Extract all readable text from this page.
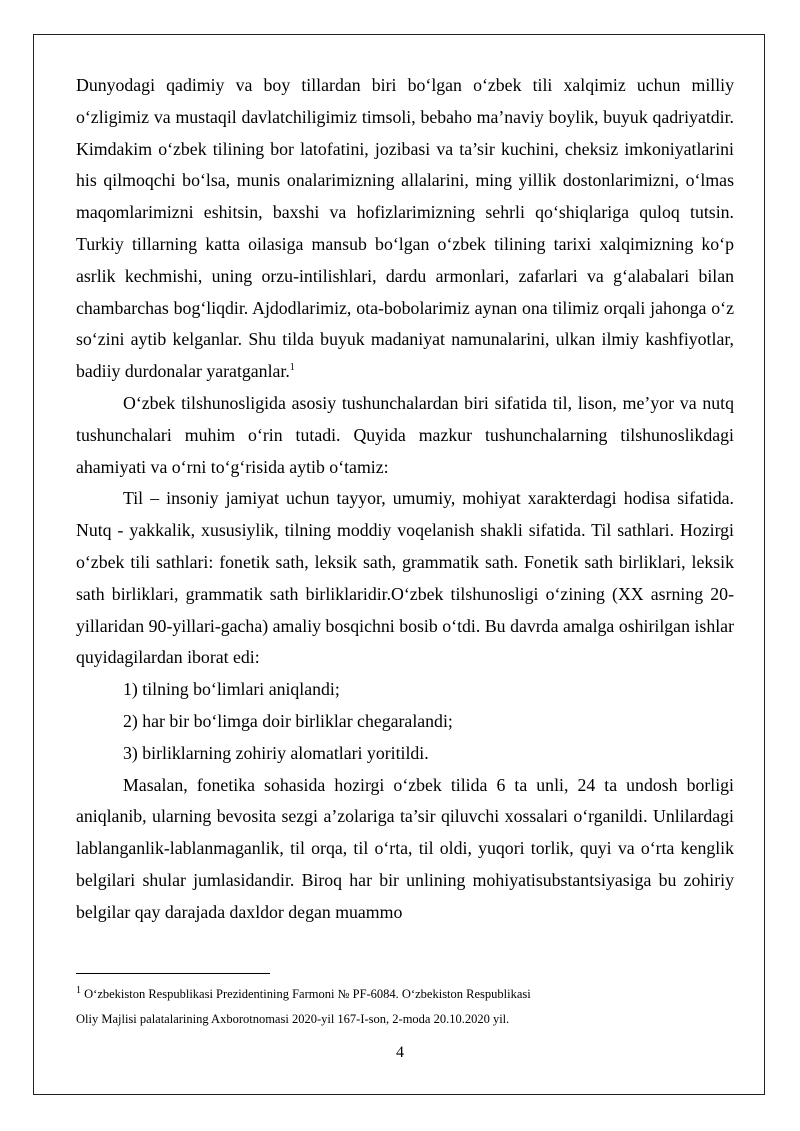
Dunyodagi qadimiy va boy tillardan biri bo‘lgan o‘zbek tili xalqimiz uchun milliy o‘zligimiz va mustaqil davlatchiligimiz timsoli, bebaho ma’naviy boylik, buyuk qadriyatdir. Kimdakim o‘zbek tilining bor latofatini, jozibasi va ta’sir kuchini, cheksiz imkoniyatlarini his qilmoqchi bo‘lsa, munis onalarimizning allalarini, ming yillik dostonlarimizni, o‘lmas maqomlarimizni eshitsin, baxshi va hofizlarimizning sehrli qo‘shiqlariga quloq tutsin. Turkiy tillarning katta oilasiga mansub bo‘lgan o‘zbek tilining tarixi xalqimizning ko‘p asrlik kechmishi, uning orzu-intilishlari, dardu armonlari, zafarlari va g‘alabalari bilan chambarchas bog‘liqdir. Ajdodlarimiz, ota-bobolarimiz aynan ona tilimiz orqali jahonga o‘z so‘zini aytib kelganlar. Shu tilda buyuk madaniyat namunalarini, ulkan ilmiy kashfiyotlar, badiiy durdonalar yaratganlar.$^1$

O‘zbek tilshunosligida asosiy tushunchalardan biri sifatida til, lison, me’yor va nutq tushunchalari muhim o‘rin tutadi. Quyida mazkur tushunchalarning tilshunoslikdagi ahamiyati va o‘rni to‘g‘risida aytib o‘tamiz:

Til – insoniy jamiyat uchun tayyor, umumiy, mohiyat xarakterdagi hodisa sifatida. Nutq - yakkalik, xususiylik, tilning moddiy voqelanish shakli sifatida. Til sathlari. Hozirgi o‘zbek tili sathlari: fonetik sath, leksik sath, grammatik sath. Fonetik sath birliklari, leksik sath birliklari, grammatik sath birliklaridir.O‘zbek tilshunosligi o‘zining (XX asrning 20-yillaridan 90-yillari-gacha) amaliy bosqichni bosib o‘tdi. Bu davrda amalga oshirilgan ishlar quyidagilardan iborat edi:

1) tilning bo‘limlari aniqlandi;

2) har bir bo‘limga doir birliklar chegaralandi;

3) birliklarning zohiriy alomatlari yoritildi.

Masalan, fonetika sohasida hozirgi o‘zbek tilida 6 ta unli, 24 ta undosh borligi aniqlanib, ularning bevosita sezgi a’zolariga ta’sir qiluvchi xossalari o‘rganildi. Unlilardagi lablanganlik-lablanmaganlik, til orqa, til o‘rta, til oldi, yuqori torlik, quyi va o‘rta kenglik belgilari shular jumlasidandir. Biroq har bir unlining mohiyatisubstantsiyasiga bu zohiriy belgilar qay darajada daxldor degan muammo

$^1$ O‘zbekiston Respublikasi Prezidentining Farmoni № PF-6084. O‘zbekiston Respublikasi

Oliy Majlisi palatalarining Axborotnomasi 2020-yil 167-I-son, 2-moda 20.10.2020 yil.

4
